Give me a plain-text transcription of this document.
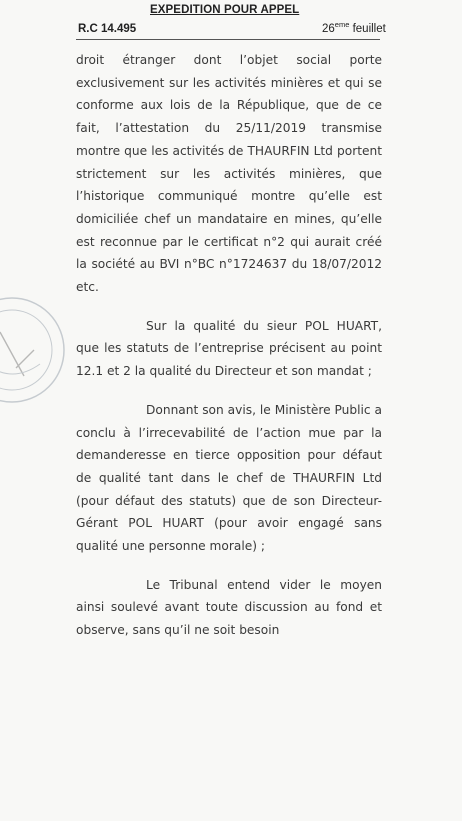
EXPEDITION POUR APPEL
R.C 14.495	26eme feuillet

droit étranger dont l’objet social porte exclusivement sur les activités minières et qui se conforme aux lois de la République, que de ce fait, l’attestation du 25/11/2019 transmise montre que les activités de THAURFIN Ltd portent strictement sur les activités minières, que l’historique communiqué montre qu’elle est domiciliée chef un mandataire en mines, qu’elle est reconnue par le certificat n°2 qui aurait créé la société au BVI n°BC n°1724637 du 18/07/2012 etc.

Sur la qualité du sieur POL HUART, que les statuts de l’entreprise précisent au point 12.1 et 2 la qualité du Directeur et son mandat ;

Donnant son avis, le Ministère Public a conclu à l’irrecevabilité de l’action mue par la demanderesse en tierce opposition pour défaut de qualité tant dans le chef de THAURFIN Ltd (pour défaut des statuts) que de son Directeur-Gérant POL HUART (pour avoir engagé sans qualité une personne morale) ;

Le Tribunal entend vider le moyen ainsi soulevé avant toute discussion au fond et observe, sans qu’il ne soit besoin
